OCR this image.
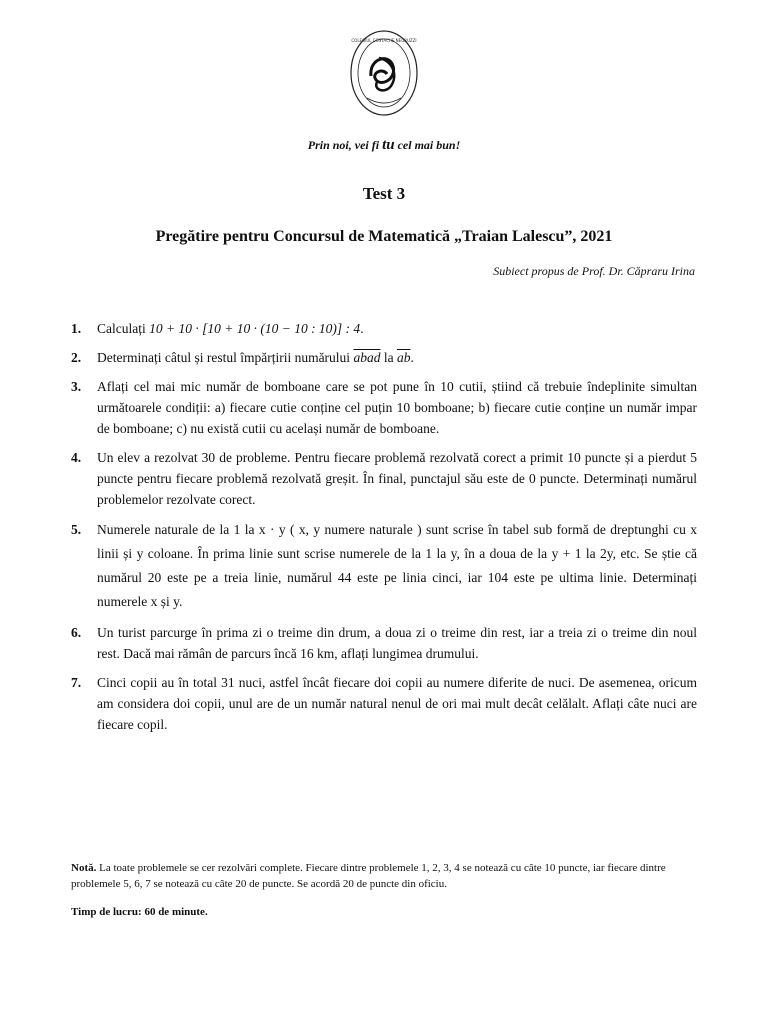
COLEGIUL COSTACHE NEGRUZZI
Prin noi, vei fi tu cel mai bun!
Test 3
Pregătire pentru Concursul de Matematică „Traian Lalescu”, 2021
Subiect propus de Prof. Dr. Căpraru Irina
1. Calculați 10 + 10 · [10 + 10 · (10 − 10 : 10)] : 4.
2. Determinați câtul și restul împărțirii numărului abad la $\overline{ab}$.
3. Aflați cel mai mic număr de bomboane care se pot pune în 10 cutii, știind că trebuie îndeplinite simultan următoarele condiții: a) fiecare cutie conține cel puțin 10 bomboane; b) fiecare cutie conține un număr impar de bomboane; c) nu există cutii cu același număr de bomboane.
4. Un elev a rezolvat 30 de probleme. Pentru fiecare problemă rezolvată corect a primit 10 puncte și a pierdut 5 puncte pentru fiecare problemă rezolvată greșit. În final, punctajul său este de 0 puncte. Determinați numărul problemelor rezolvate corect.
5. Numerele naturale de la 1 la x · y ( x, y numere naturale ) sunt scrise în tabel sub formă de dreptunghi cu x linii și y coloane. În prima linie sunt scrise numerele de la 1 la y, în a doua de la y + 1 la 2y, etc. Se știe că numărul 20 este pe a treia linie, numărul 44 este pe linia cinci, iar 104 este pe ultima linie. Determinați numerele x și y.
6. Un turist parcurge în prima zi o treime din drum, a doua zi o treime din rest, iar a treia zi o treime din noul rest. Dacă mai rămân de parcurs încă 16 km, aflați lungimea drumului.
7. Cinci copii au în total 31 nuci, astfel încât fiecare doi copii au numere diferite de nuci. De asemenea, oricum am considera doi copii, unul are de un număr natural nenul de ori mai mult decât celălalt. Aflați câte nuci are fiecare copil.
Notă. La toate problemele se cer rezolvări complete. Fiecare dintre problemele 1, 2, 3, 4 se notează cu câte 10 puncte, iar fiecare dintre problemele 5, 6, 7 se notează cu câte 20 de puncte. Se acordă 20 de puncte din oficiu.
Timp de lucru: 60 de minute.
